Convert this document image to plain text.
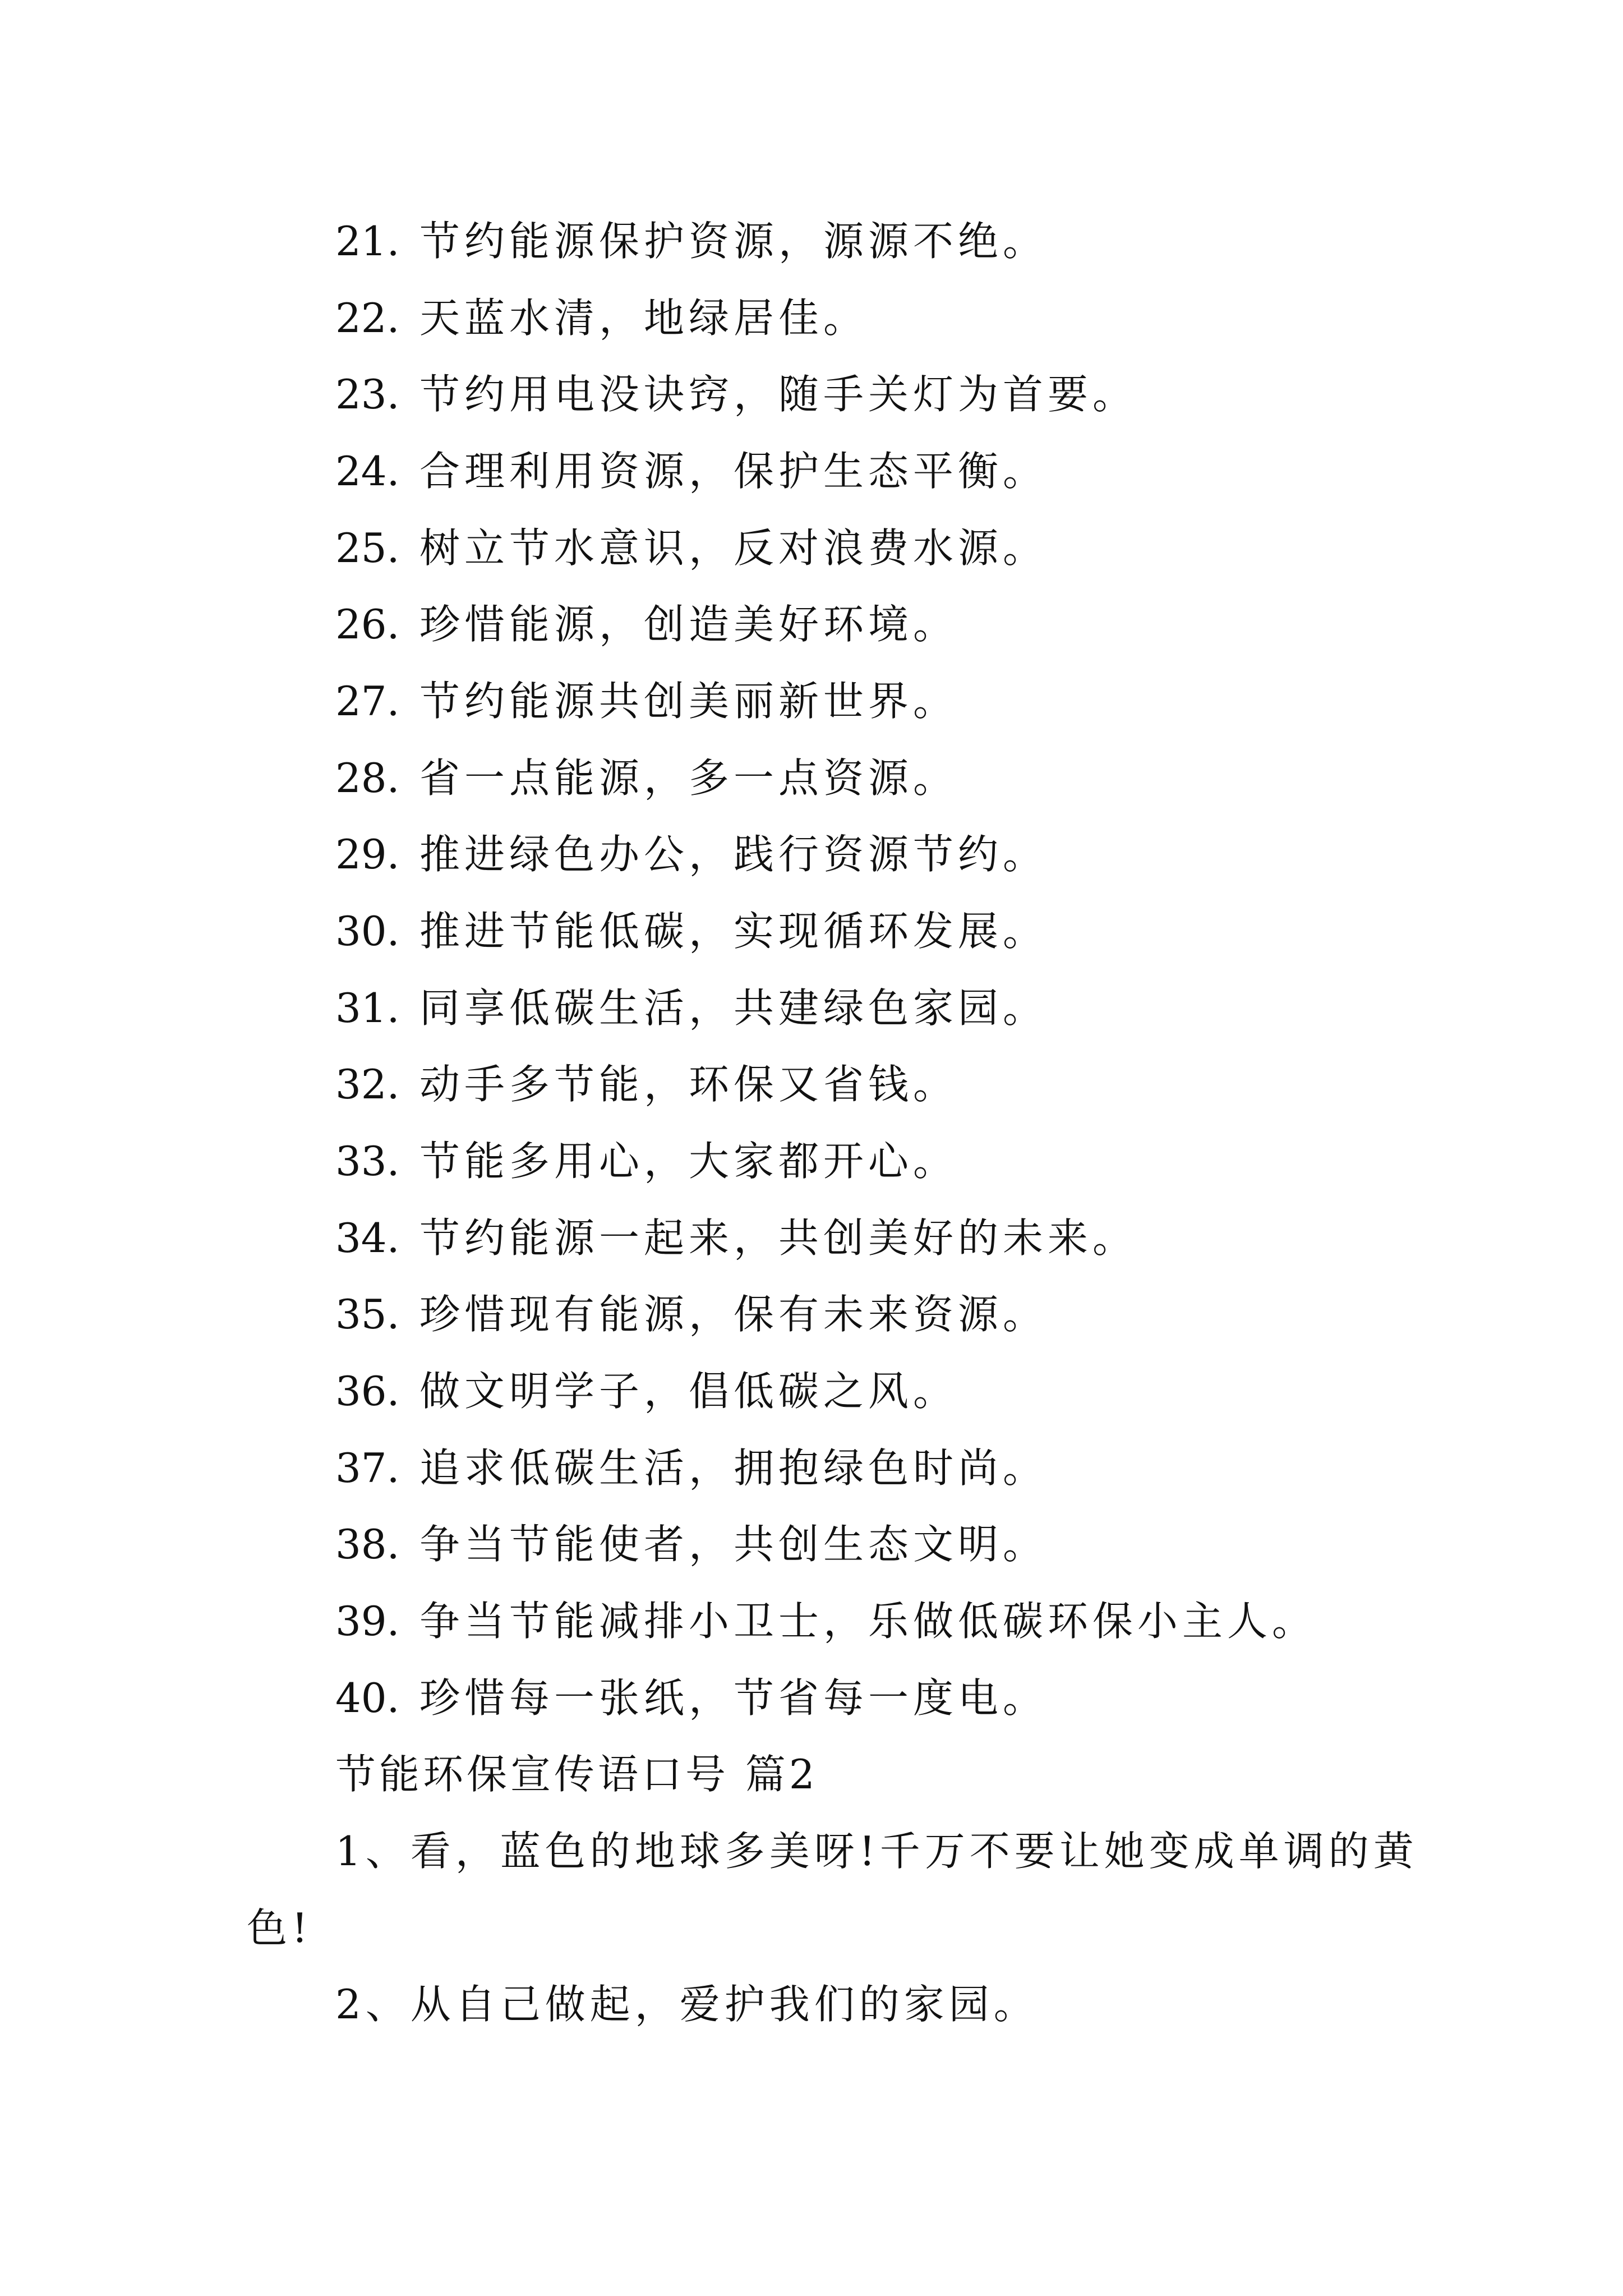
21. 节约能源保护资源，源源不绝。
22. 天蓝水清，地绿居佳。
23. 节约用电没诀窍，随手关灯为首要。
24. 合理利用资源，保护生态平衡。
25. 树立节水意识，反对浪费水源。
26. 珍惜能源，创造美好环境。
27. 节约能源共创美丽新世界。
28. 省一点能源，多一点资源。
29. 推进绿色办公，践行资源节约。
30. 推进节能低碳，实现循环发展。
31. 同享低碳生活，共建绿色家园。
32. 动手多节能，环保又省钱。
33. 节能多用心，大家都开心。
34. 节约能源一起来，共创美好的未来。
35. 珍惜现有能源，保有未来资源。
36. 做文明学子，倡低碳之风。
37. 追求低碳生活，拥抱绿色时尚。
38. 争当节能使者，共创生态文明。
39. 争当节能减排小卫士，乐做低碳环保小主人。
40. 珍惜每一张纸，节省每一度电。
节能环保宣传语口号 篇2
1、看，蓝色的地球多美呀!千万不要让她变成单调的黄
色!
2、从自己做起，爱护我们的家园。
